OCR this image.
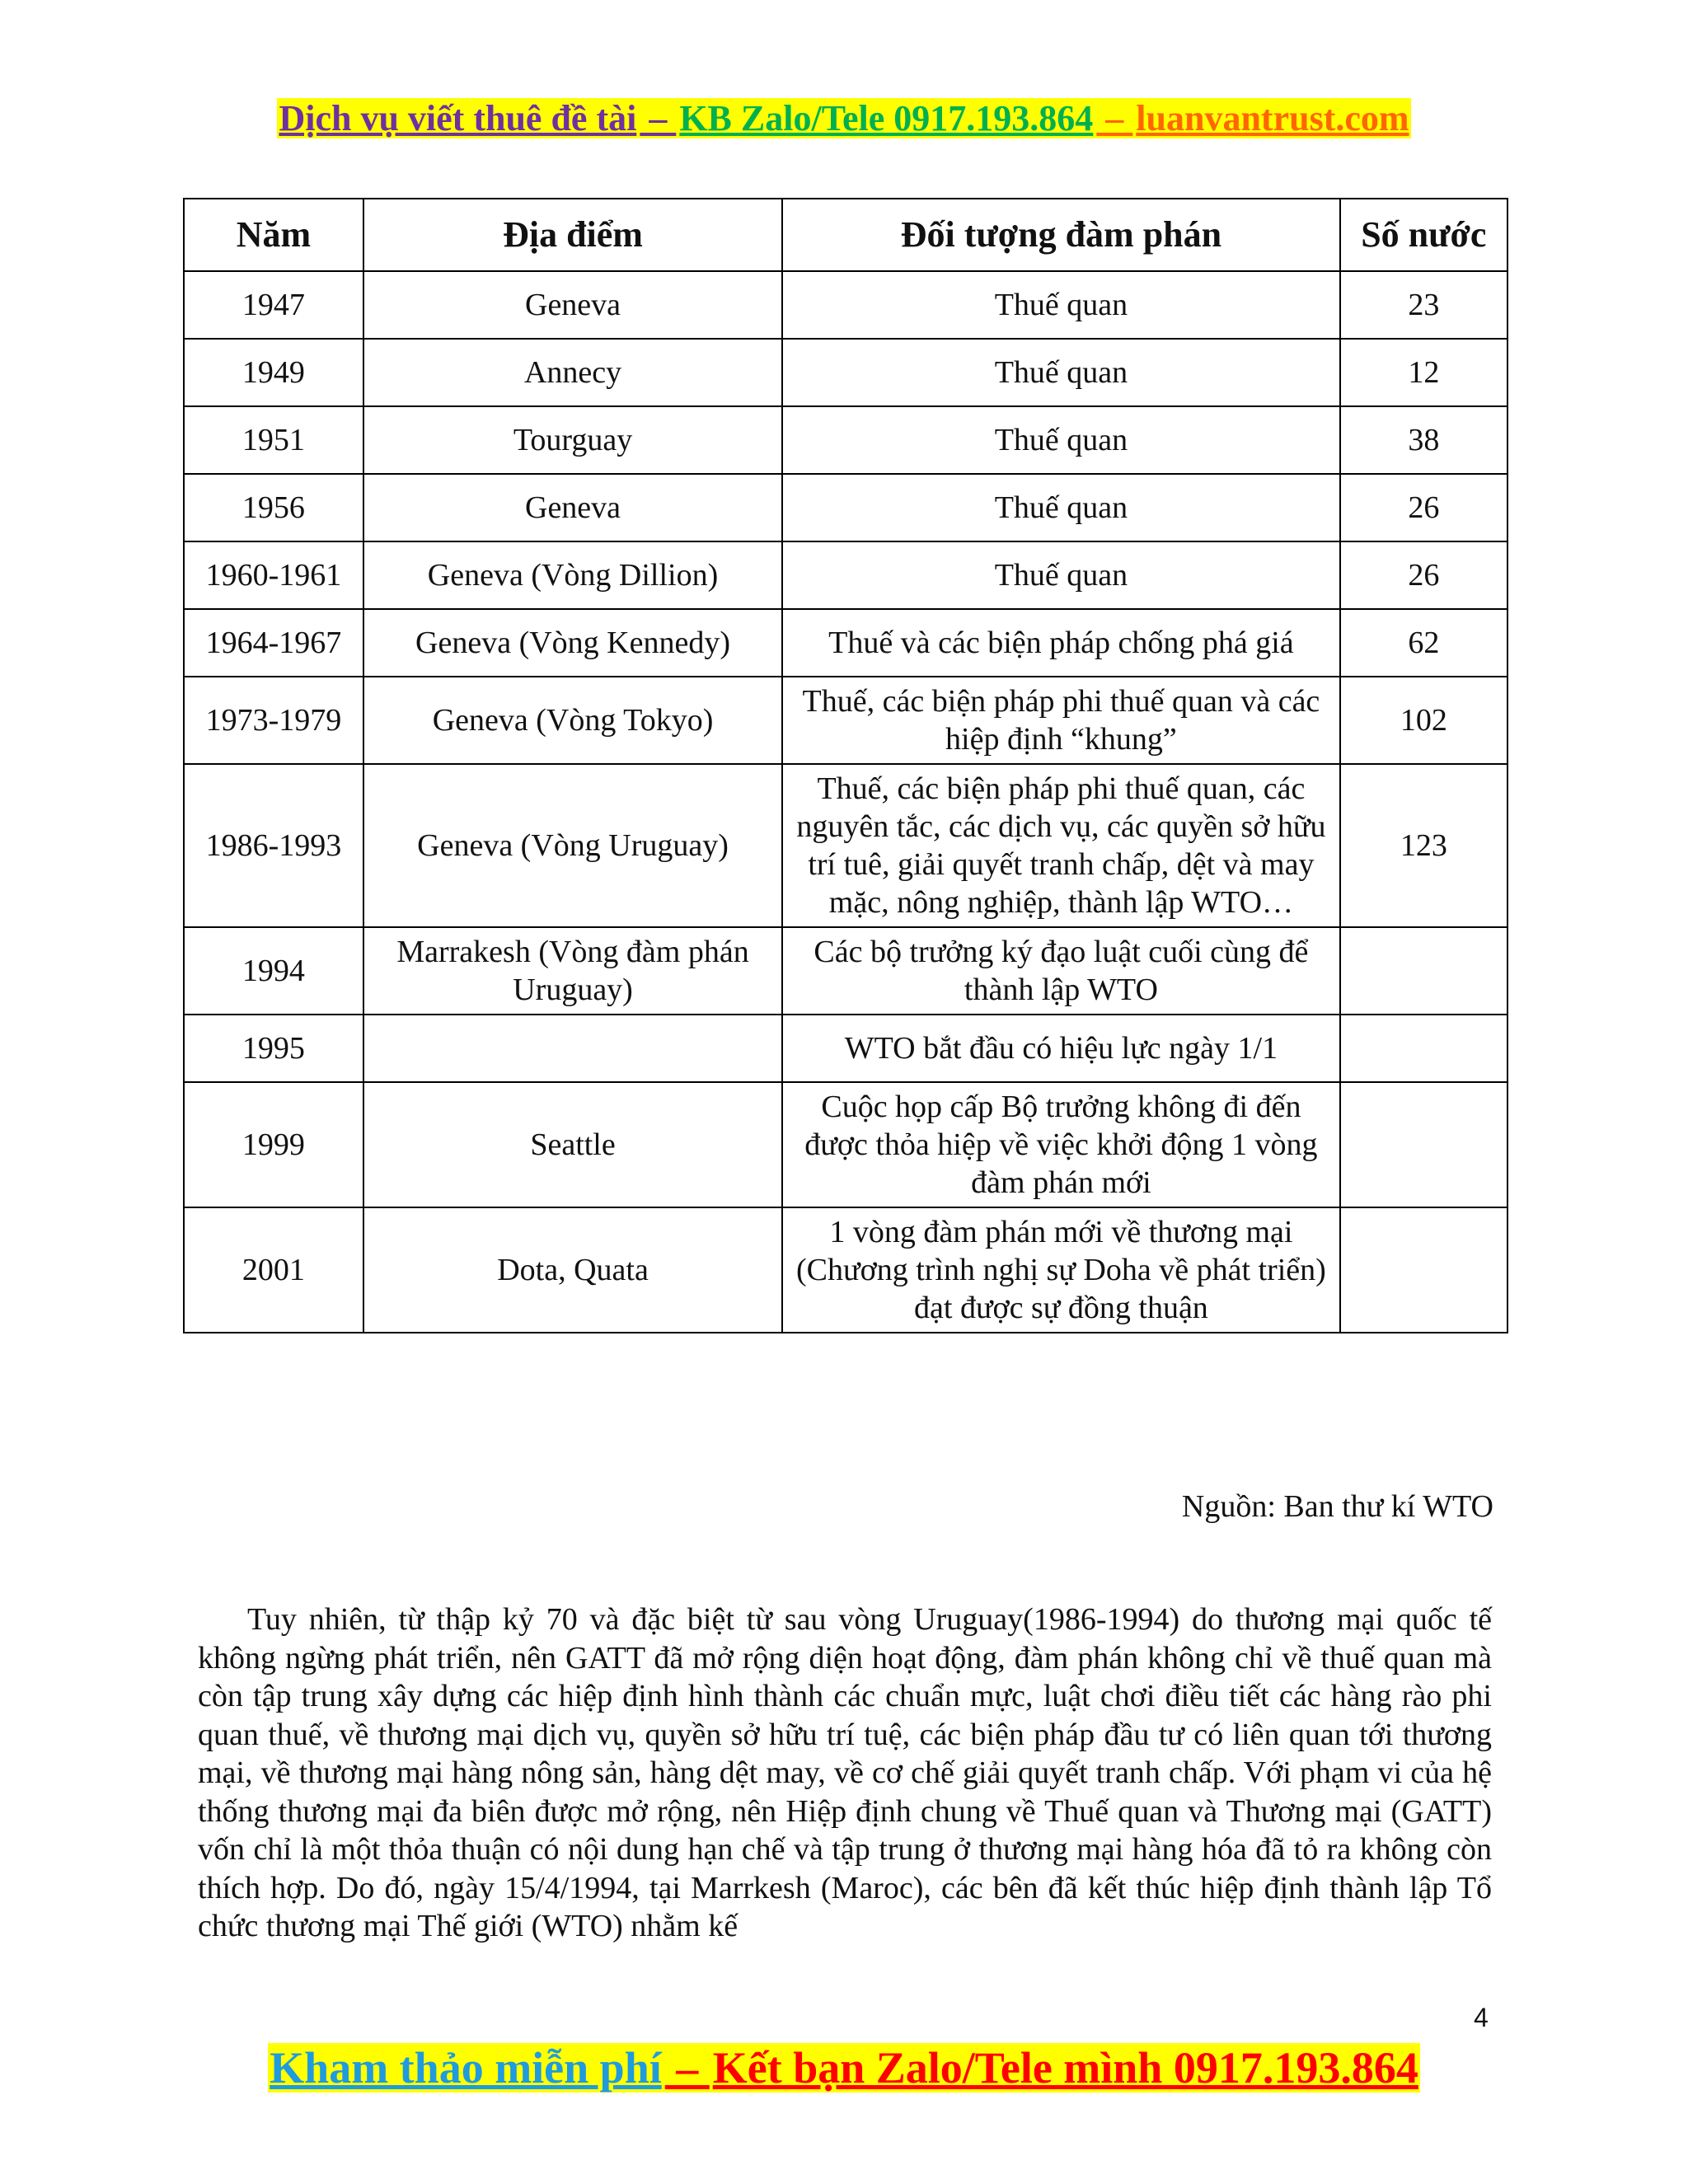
Dịch vụ viết thuê đề tài – KB Zalo/Tele 0917.193.864 – luanvantrust.com
Năm	Địa điểm	Đối tượng đàm phán	Số nước
1947	Geneva	Thuế quan	23
1949	Annecy	Thuế quan	12
1951	Tourguay	Thuế quan	38
1956	Geneva	Thuế quan	26
1960-1961	Geneva (Vòng Dillion)	Thuế quan	26
1964-1967	Geneva (Vòng Kennedy)	Thuế và các biện pháp chống phá giá	62
1973-1979	Geneva (Vòng Tokyo)	Thuế, các biện pháp phi thuế quan và các hiệp định “khung”	102
1986-1993	Geneva (Vòng Uruguay)	Thuế, các biện pháp phi thuế quan, các nguyên tắc, các dịch vụ, các quyền sở hữu trí tuê, giải quyết tranh chấp, dệt và may mặc, nông nghiệp, thành lập WTO…	123
1994	Marrakesh (Vòng đàm phán Uruguay)	Các bộ trưởng ký đạo luật cuối cùng để thành lập WTO	
1995		WTO bắt đầu có hiệu lực ngày 1/1	
1999	Seattle	Cuộc họp cấp Bộ trưởng không đi đến được thỏa hiệp về việc khởi động 1 vòng đàm phán mới	
2001	Dota, Quata	1 vòng đàm phán mới về thương mại (Chương trình nghị sự Doha về phát triển) đạt được sự đồng thuận	
Nguồn: Ban thư kí WTO

Tuy nhiên, từ thập kỷ 70 và đặc biệt từ sau vòng Uruguay(1986-1994) do thương mại quốc tế không ngừng phát triển, nên GATT đã mở rộng diện hoạt động, đàm phán không chỉ về thuế quan mà còn tập trung xây dựng các hiệp định hình thành các chuẩn mực, luật chơi điều tiết các hàng rào phi quan thuế, về thương mại dịch vụ, quyền sở hữu trí tuệ, các biện pháp đầu tư có liên quan tới thương mại, về thương mại hàng nông sản, hàng dệt may, về cơ chế giải quyết tranh chấp. Với phạm vi của hệ thống thương mại đa biên được mở rộng, nên Hiệp định chung về Thuế quan và Thương mại (GATT) vốn chỉ là một thỏa thuận có nội dung hạn chế và tập trung ở thương mại hàng hóa đã tỏ ra không còn thích hợp. Do đó, ngày 15/4/1994, tại Marrkesh (Maroc), các bên đã kết thúc hiệp định thành lập Tổ chức thương mại Thế giới (WTO) nhằm kế

4
Kham thảo miễn phí – Kết bạn Zalo/Tele mình 0917.193.864
